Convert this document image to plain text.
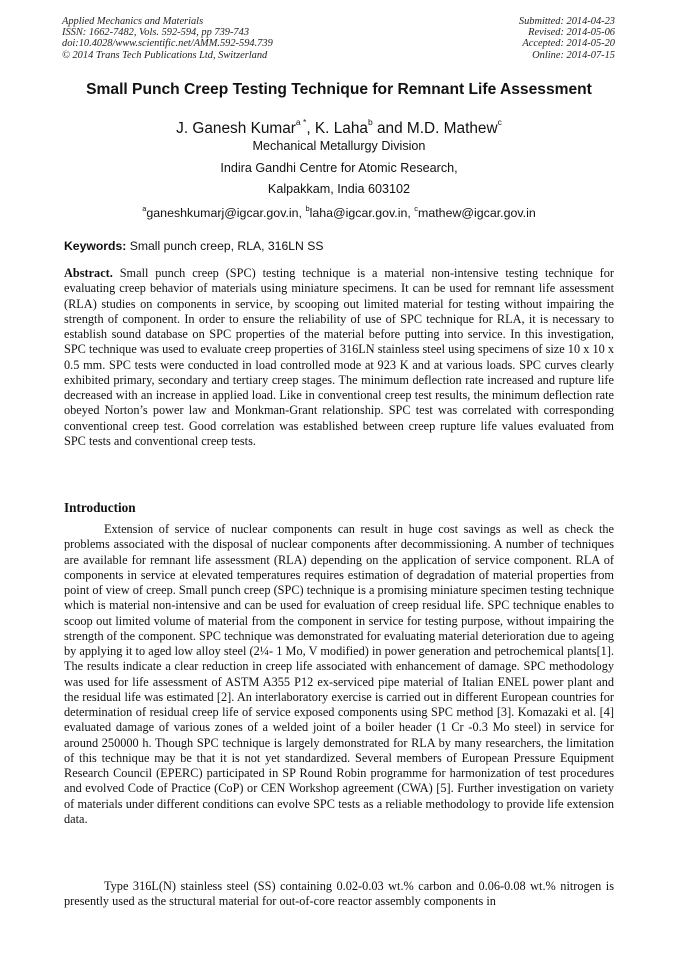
Applied Mechanics and Materials
ISSN: 1662-7482, Vols. 592-594, pp 739-743
doi:10.4028/www.scientific.net/AMM.592-594.739
© 2014 Trans Tech Publications Ltd, Switzerland
Submitted: 2014-04-23
Revised: 2014-05-06
Accepted: 2014-05-20
Online: 2014-07-15
Small Punch Creep Testing Technique for Remnant Life Assessment
J. Ganesh Kumar$^{a *}$, K. Laha$^b$ and M.D. Mathew$^c$
Mechanical Metallurgy Division
Indira Gandhi Centre for Atomic Research,
Kalpakkam, India 603102
$^a$ganeshkumarj@igcar.gov.in, $^b$laha@igcar.gov.in, $^c$mathew@igcar.gov.in
Keywords: Small punch creep, RLA, 316LN SS
Abstract. Small punch creep (SPC) testing technique is a material non-intensive testing technique for evaluating creep behavior of materials using miniature specimens. It can be used for remnant life assessment (RLA) studies on components in service, by scooping out limited material for testing without impairing the strength of component. In order to ensure the reliability of use of SPC technique for RLA, it is necessary to establish sound database on SPC properties of the material before putting into service. In this investigation, SPC technique was used to evaluate creep properties of 316LN stainless steel using specimens of size 10 x 10 x 0.5 mm. SPC tests were conducted in load controlled mode at 923 K and at various loads. SPC curves clearly exhibited primary, secondary and tertiary creep stages. The minimum deflection rate increased and rupture life decreased with an increase in applied load. Like in conventional creep test results, the minimum deflection rate obeyed Norton’s power law and Monkman-Grant relationship. SPC test was correlated with corresponding conventional creep test. Good correlation was established between creep rupture life values evaluated from SPC tests and conventional creep tests.
Introduction
Extension of service of nuclear components can result in huge cost savings as well as check the problems associated with the disposal of nuclear components after decommissioning. A number of techniques are available for remnant life assessment (RLA) depending on the application of service component. RLA of components in service at elevated temperatures requires estimation of degradation of material properties from point of view of creep. Small punch creep (SPC) technique is a promising miniature specimen testing technique which is material non-intensive and can be used for evaluation of creep residual life. SPC technique enables to scoop out limited volume of material from the component in service for testing purpose, without impairing the strength of the component. SPC technique was demonstrated for evaluating material deterioration due to ageing by applying it to aged low alloy steel (2¼- 1 Mo, V modified) in power generation and petrochemical plants[1]. The results indicate a clear reduction in creep life associated with enhancement of damage. SPC methodology was used for life assessment of ASTM A355 P12 ex-serviced pipe material of Italian ENEL power plant and the residual life was estimated [2]. An interlaboratory exercise is carried out in different European countries for determination of residual creep life of service exposed components using SPC method [3]. Komazaki et al. [4] evaluated damage of various zones of a welded joint of a boiler header (1 Cr -0.3 Mo steel) in service for around 250000 h. Though SPC technique is largely demonstrated for RLA by many researchers, the limitation of this technique may be that it is not yet standardized. Several members of European Pressure Equipment Research Council (EPERC) participated in SP Round Robin programme for harmonization of test procedures and evolved Code of Practice (CoP) or CEN Workshop agreement (CWA) [5]. Further investigation on variety of materials under different conditions can evolve SPC tests as a reliable methodology to provide life extension data.
Type 316L(N) stainless steel (SS) containing 0.02-0.03 wt.% carbon and 0.06-0.08 wt.% nitrogen is presently used as the structural material for out-of-core reactor assembly components in
